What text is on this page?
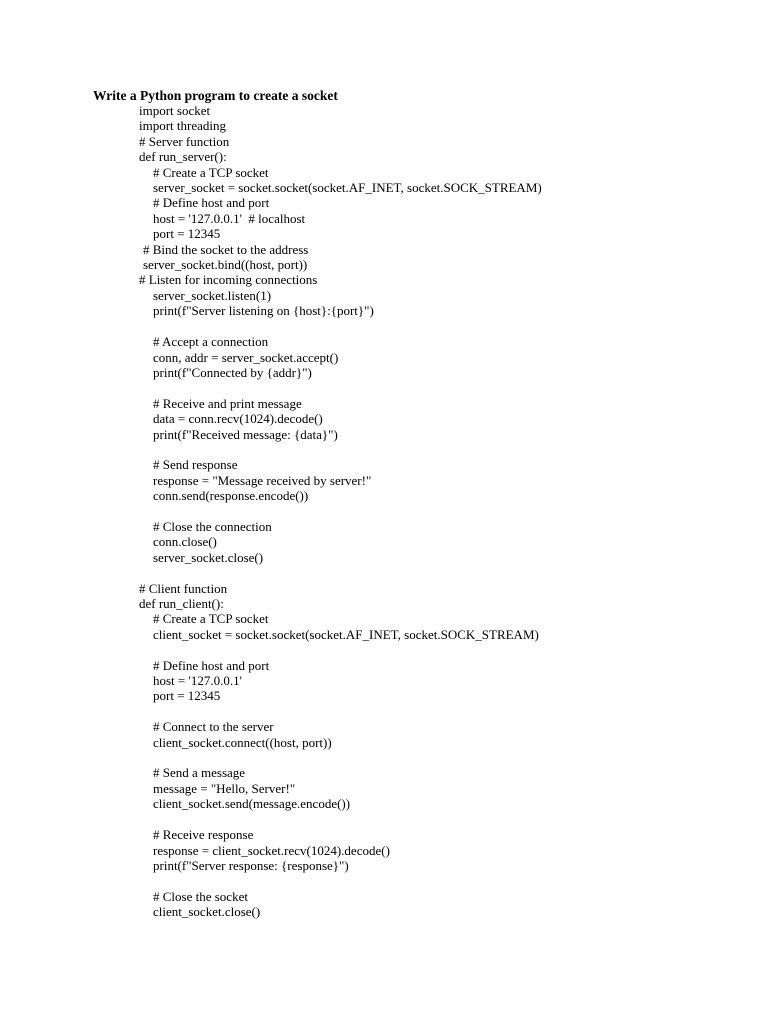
Write a Python program to create a socket
import socket
import threading
# Server function
def run_server():
# Create a TCP socket
server_socket = socket.socket(socket.AF_INET, socket.SOCK_STREAM)
# Define host and port
host = '127.0.0.1'  # localhost
port = 12345
# Bind the socket to the address
server_socket.bind((host, port))
# Listen for incoming connections
server_socket.listen(1)
print(f"Server listening on {host}:{port}")
# Accept a connection
conn, addr = server_socket.accept()
print(f"Connected by {addr}")
# Receive and print message
data = conn.recv(1024).decode()
print(f"Received message: {data}")
# Send response
response = "Message received by server!"
conn.send(response.encode())
# Close the connection
conn.close()
server_socket.close()
# Client function
def run_client():
# Create a TCP socket
client_socket = socket.socket(socket.AF_INET, socket.SOCK_STREAM)
# Define host and port
host = '127.0.0.1'
port = 12345
# Connect to the server
client_socket.connect((host, port))
# Send a message
message = "Hello, Server!"
client_socket.send(message.encode())
# Receive response
response = client_socket.recv(1024).decode()
print(f"Server response: {response}")
# Close the socket
client_socket.close()
